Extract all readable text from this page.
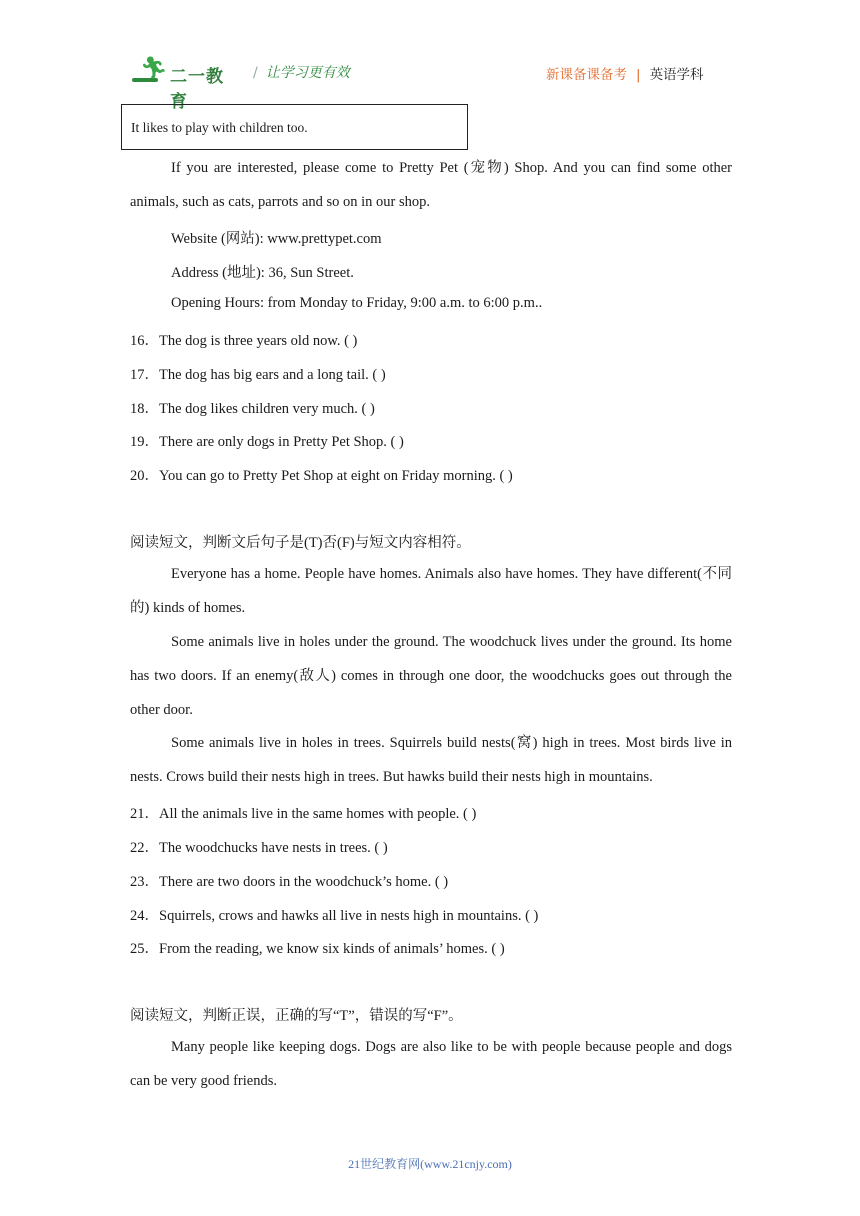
🏃︎ 二一教育
/ 让学习更有效	新课备课备考 | 英语学科
It likes to play with children too.
If you are interested, please come to Pretty Pet (宠物) Shop. And you can find some other animals, such as cats, parrots and so on in our shop.
Website (网站): www.prettypet.com
Address (地址): 36, Sun Street.
Opening Hours: from Monday to Friday, 9:00 a.m. to 6:00 p.m..
16．The dog is three years old now. ( )
17．The dog has big ears and a long tail. ( )
18．The dog likes children very much. ( )
19．There are only dogs in Pretty Pet Shop. ( )
20．You can go to Pretty Pet Shop at eight on Friday morning. ( )
阅读短文，判断文后句子是(T)否(F)与短文内容相符。
Everyone has a home. People have homes. Animals also have homes. They have different(不同的) kinds of homes.
Some animals live in holes under the ground. The woodchuck lives under the ground. Its home has two doors. If an enemy(敌人) comes in through one door, the woodchucks goes out through the other door.
Some animals live in holes in trees. Squirrels build nests(窝) high in trees. Most birds live in nests. Crows build their nests high in trees. But hawks build their nests high in mountains.
21．All the animals live in the same homes with people. ( )
22．The woodchucks have nests in trees. ( )
23．There are two doors in the woodchuck’s home. ( )
24．Squirrels, crows and hawks all live in nests high in mountains. ( )
25．From the reading, we know six kinds of animals’ homes. ( )
阅读短文，判断正误，正确的写“T”，错误的写“F”。
Many people like keeping dogs. Dogs are also like to be with people because people and dogs can be very good friends.
21世纪教育网(www.21cnjy.com)
